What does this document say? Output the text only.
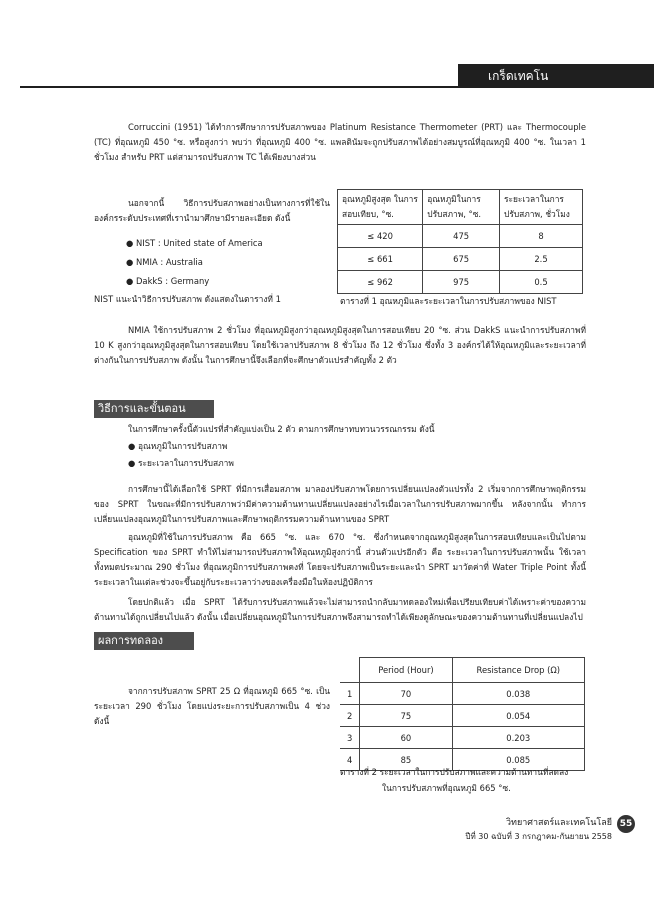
เกร็ดเทคโน

Corruccini (1951) ได้ทำการศึกษาการปรับสภาพของ Platinum Resistance Thermometer (PRT) และ Thermocouple (TC) ที่อุณหภูมิ 450 °ซ. หรือสูงกว่า พบว่า ที่อุณหภูมิ 400 °ซ. แพลตินัมจะถูกปรับสภาพได้อย่างสมบูรณ์ที่อุณหภูมิ 400 °ซ. ในเวลา 1 ชั่วโมง สำหรับ PRT แต่สามารถปรับสภาพ TC ได้เพียงบางส่วน

นอกจากนี้ วิธีการปรับสภาพอย่างเป็นทางการที่ใช้ใน องค์กรระดับประเทศที่เรานำมาศึกษามีรายละเอียด ดังนี้

● NIST : United state of America
● NMIA : Australia
● DakkS : Germany

NIST แนะนำวิธีการปรับสภาพ ดังแสดงในตารางที่ 1

อุณหภูมิสูงสุด ในการสอบเทียบ, °ซ.	อุณหภูมิในการ ปรับสภาพ, °ซ.	ระยะเวลาในการ ปรับสภาพ, ชั่วโมง
≤ 420	475	8
≤ 661	675	2.5
≤ 962	975	0.5
ตารางที่ 1 อุณหภูมิและระยะเวลาในการปรับสภาพของ NIST

NMIA ใช้การปรับสภาพ 2 ชั่วโมง ที่อุณหภูมิสูงกว่าอุณหภูมิสูงสุดในการสอบเทียบ 20 °ซ. ส่วน DakkS แนะนำการปรับสภาพที่ 10 K สูงกว่าอุณหภูมิสูงสุดในการสอบเทียบ โดยใช้เวลาปรับสภาพ 8 ชั่วโมง ถึง 12 ชั่วโมง ซึ่งทั้ง 3 องค์กรได้ให้อุณหภูมิและระยะเวลาที่ต่างกันในการปรับสภาพ ดังนั้น ในการศึกษานี้จึงเลือกที่จะศึกษาตัวแปรสำคัญทั้ง 2 ตัว

วิธีการและขั้นตอน

ในการศึกษาครั้งนี้ตัวแปรที่สำคัญแบ่งเป็น 2 ตัว ตามการศึกษาทบทวนวรรณกรรม ดังนี้

● อุณหภูมิในการปรับสภาพ
● ระยะเวลาในการปรับสภาพ

การศึกษานี้ได้เลือกใช้ SPRT ที่มีการเสื่อมสภาพ มาลองปรับสภาพโดยการเปลี่ยนแปลงตัวแปรทั้ง 2 เริ่มจากการศึกษาพฤติกรรมของ SPRT ในขณะที่มีการปรับสภาพว่ามีค่าความต้านทานเปลี่ยนแปลงอย่างไรเมื่อเวลาในการปรับสภาพมากขึ้น หลังจากนั้น ทำการเปลี่ยนแปลงอุณหภูมิในการปรับสภาพและศึกษาพฤติกรรมความต้านทานของ SPRT

อุณหภูมิที่ใช้ในการปรับสภาพ คือ 665 °ซ. และ 670 °ซ. ซึ่งกำหนดจากอุณหภูมิสูงสุดในการสอบเทียบและเป็นไปตาม Specification ของ SPRT ทำให้ไม่สามารถปรับสภาพให้อุณหภูมิสูงกว่านี้ ส่วนตัวแปรอีกตัว คือ ระยะเวลาในการปรับสภาพนั้น ใช้เวลาทั้งหมดประมาณ 290 ชั่วโมง ที่อุณหภูมิการปรับสภาพคงที่ โดยจะปรับสภาพเป็นระยะและนำ SPRT มาวัดค่าที่ Water Triple Point ทั้งนี้ ระยะเวลาในแต่ละช่วงจะขึ้นอยู่กับระยะเวลาว่างของเครื่องมือในห้องปฏิบัติการ

โดยปกติแล้ว เมื่อ SPRT ได้รับการปรับสภาพแล้วจะไม่สามารถนำกลับมาทดลองใหม่เพื่อเปรียบเทียบค่าได้เพราะค่าของความต้านทานได้ถูกเปลี่ยนไปแล้ว ดังนั้น เมื่อเปลี่ยนอุณหภูมิในการปรับสภาพจึงสามารถทำได้เพียงดูลักษณะของความต้านทานที่เปลี่ยนแปลงไป

ผลการทดลอง

จากการปรับสภาพ SPRT 25 Ω ที่อุณหภูมิ 665 °ซ. เป็นระยะเวลา 290 ชั่วโมง โดยแบ่งระยะการปรับสภาพเป็น 4 ช่วง ดังนี้

	Period (Hour)	Resistance Drop (Ω)
1	70	0.038
2	75	0.054
3	60	0.203
4	85	0.085
ตารางที่ 2 ระยะเวลาในการปรับสภาพและความต้านทานที่ลดลง
ในการปรับสภาพที่อุณหภูมิ 665 °ซ.
วิทยาศาสตร์และเทคโนโลยี
ปีที่ 30 ฉบับที่ 3 กรกฎาคม-กันยายน 2558
55
